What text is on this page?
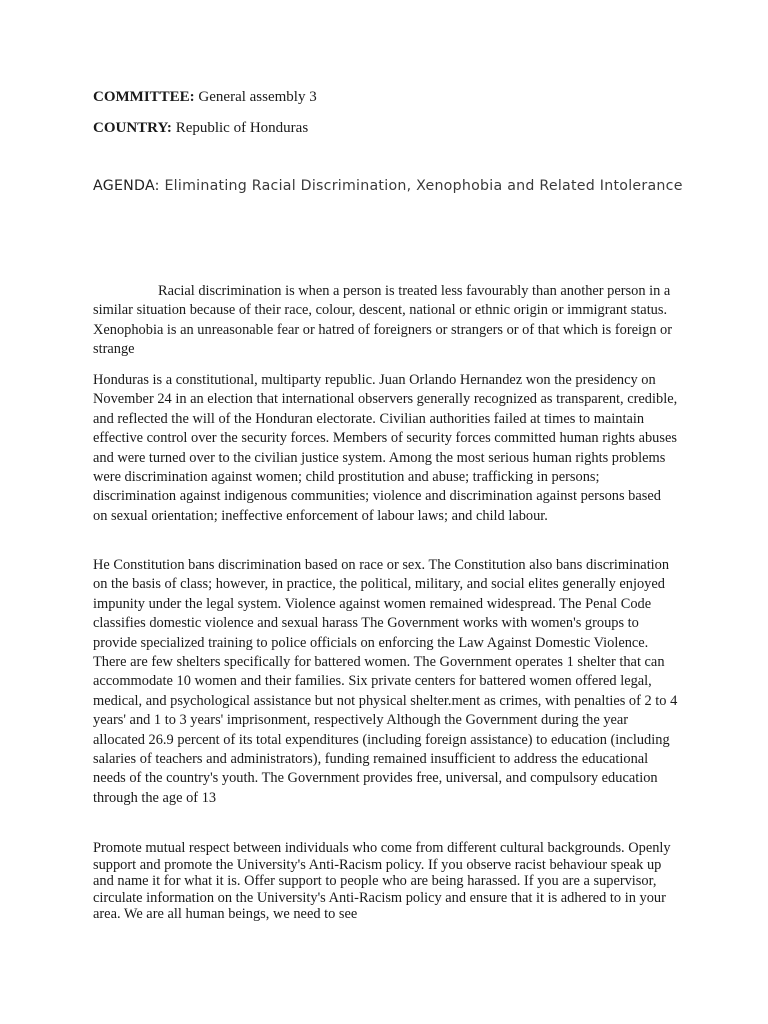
COMMITTEE: General assembly 3
COUNTRY: Republic of Honduras
AGENDA: Eliminating Racial Discrimination, Xenophobia and Related Intolerance

Racial discrimination is when a person is treated less favourably than another person in a similar situation because of their race, colour, descent, national or ethnic origin or immigrant status. Xenophobia is an unreasonable fear or hatred of foreigners or strangers or of that which is foreign or strange

Honduras is a constitutional, multiparty republic. Juan Orlando Hernandez won the presidency on November 24 in an election that international observers generally recognized as transparent, credible, and reflected the will of the Honduran electorate. Civilian authorities failed at times to maintain effective control over the security forces. Members of security forces committed human rights abuses and were turned over to the civilian justice system. Among the most serious human rights problems were discrimination against women; child prostitution and abuse; trafficking in persons; discrimination against indigenous communities; violence and discrimination against persons based on sexual orientation; ineffective enforcement of labour laws; and child labour.

He Constitution bans discrimination based on race or sex. The Constitution also bans discrimination on the basis of class; however, in practice, the political, military, and social elites generally enjoyed impunity under the legal system. Violence against women remained widespread. The Penal Code classifies domestic violence and sexual harass The Government works with women's groups to provide specialized training to police officials on enforcing the Law Against Domestic Violence. There are few shelters specifically for battered women. The Government operates 1 shelter that can accommodate 10 women and their families. Six private centers for battered women offered legal, medical, and psychological assistance but not physical shelter.ment as crimes, with penalties of 2 to 4 years' and 1 to 3 years' imprisonment, respectively Although the Government during the year allocated 26.9 percent of its total expenditures (including foreign assistance) to education (including salaries of teachers and administrators), funding remained insufficient to address the educational needs of the country's youth. The Government provides free, universal, and compulsory education through the age of 13

Promote mutual respect between individuals who come from different cultural backgrounds. Openly support and promote the University's Anti-Racism policy. If you observe racist behaviour speak up and name it for what it is. Offer support to people who are being harassed. If you are a supervisor, circulate information on the University's Anti-Racism policy and ensure that it is adhered to in your area. We are all human beings, we need to see
